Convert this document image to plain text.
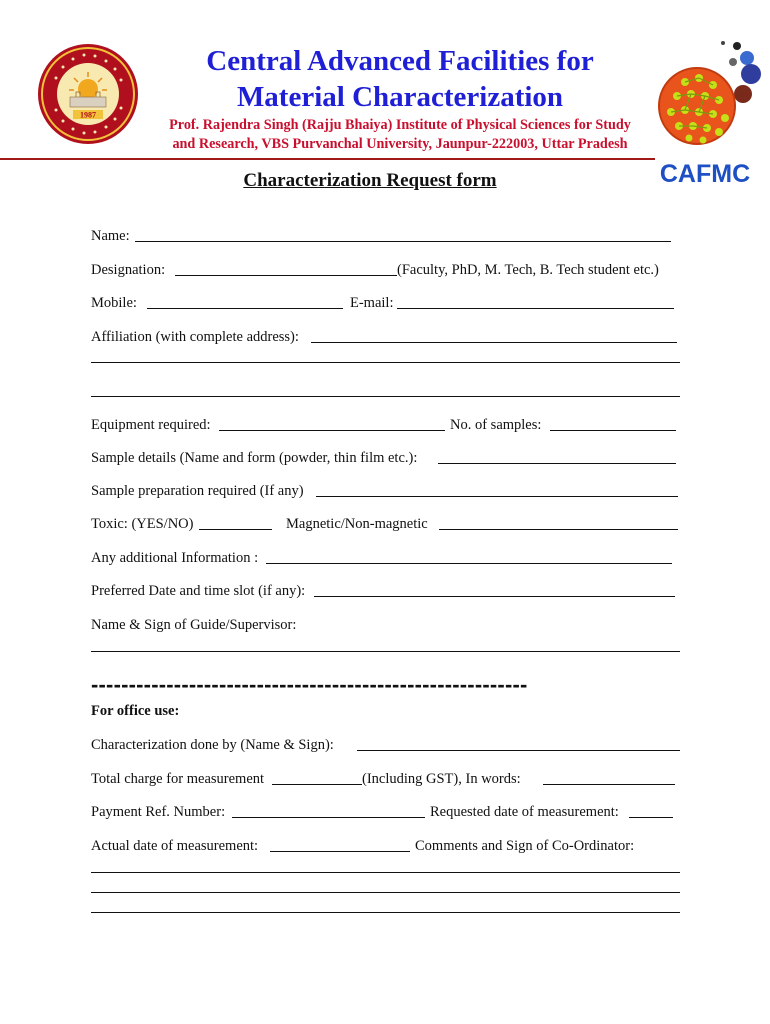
1987
CAFMC
Central Advanced Facilities for
Material Characterization
Prof. Rajendra Singh (Rajju Bhaiya) Institute of Physical Sciences for Study
and Research, VBS Purvanchal University, Jaunpur-222003, Uttar Pradesh
Characterization Request form
Name:
Designation:	(Faculty, PhD, M. Tech, B. Tech student etc.)
Mobile:	E-mail:
Affiliation (with complete address):
Equipment required:	No. of samples:
Sample details (Name and form (powder, thin film etc.):
Sample preparation required (If any)
Toxic: (YES/NO)	Magnetic/Non-magnetic
Any additional Information :
Preferred Date and time slot (if any):
Name & Sign of Guide/Supervisor:
----------------------------------------------------------
For office use:
Characterization done by (Name & Sign):
Total charge for measurement	(Including GST), In words:
Payment Ref. Number:	Requested date of measurement:
Actual date of measurement:	Comments and Sign of Co-Ordinator:
